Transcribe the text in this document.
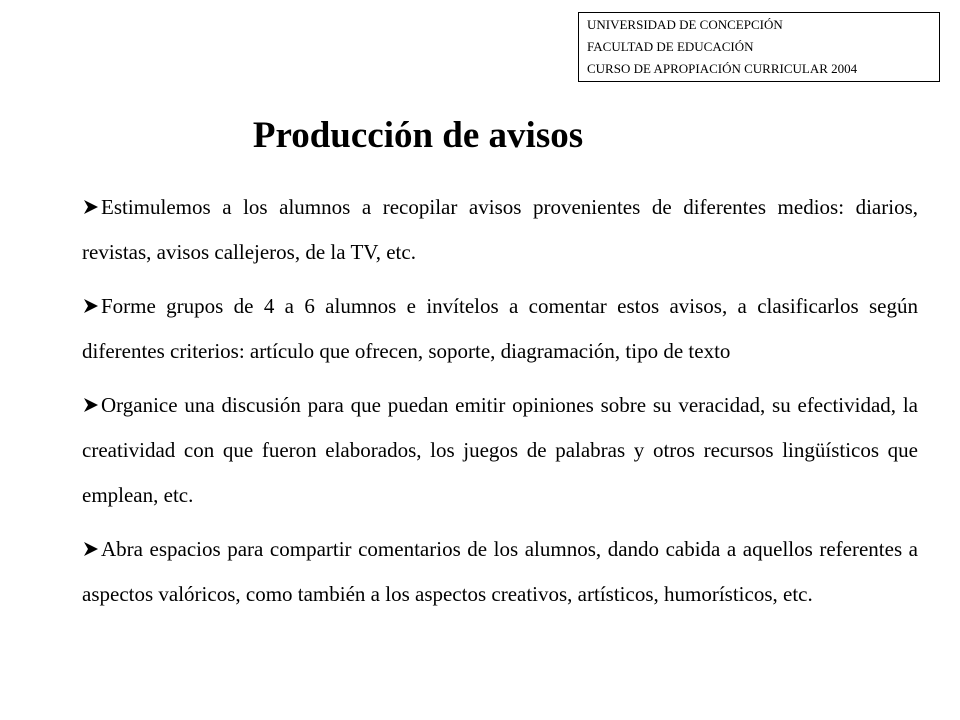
UNIVERSIDAD DE CONCEPCIÓN
FACULTAD DE EDUCACIÓN
CURSO DE APROPIACIÓN CURRICULAR 2004
Producción de avisos
Estimulemos a los alumnos a recopilar avisos provenientes de diferentes medios: diarios, revistas, avisos callejeros, de la TV, etc.
Forme grupos de 4 a 6 alumnos e invítelos a comentar estos avisos, a clasificarlos según diferentes criterios: artículo que ofrecen, soporte, diagramación, tipo de texto
Organice una discusión para que puedan emitir opiniones sobre su veracidad, su efectividad, la creatividad con que fueron elaborados, los juegos de palabras y otros recursos lingüísticos que emplean, etc.
Abra espacios para compartir comentarios de los alumnos, dando cabida a aquellos referentes a aspectos valóricos, como también a los aspectos creativos, artísticos, humorísticos, etc.
